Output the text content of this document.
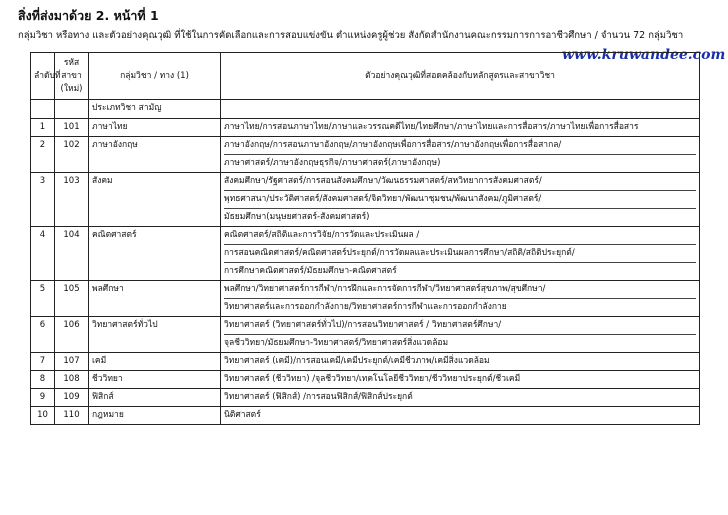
สิ่งที่ส่งมาด้วย 2. หน้าที่ 1
กลุ่มวิชา หรือทาง และตัวอย่างคุณวุฒิ ที่ใช้ในการคัดเลือกและการสอบแข่งขัน ตำแหน่งครูผู้ช่วย สังกัดสำนักงานคณะกรรมการการอาชีวศึกษา / จำนวน 72 กลุ่มวิชา
www.kruwandee.com
ลำดับที่	รหัสสาขา (ใหม่)	กลุ่มวิชา / ทาง (1)	ตัวอย่างคุณวุฒิที่สอดคล้องกับหลักสูตรและสาขาวิชา
		ประเภทวิชา สามัญ	
1	101	ภาษาไทย	ภาษาไทย/การสอนภาษาไทย/ภาษาและวรรณคดีไทย/ไทยศึกษา/ภาษาไทยและการสื่อสาร/ภาษาไทยเพื่อการสื่อสาร

2	102	ภาษาอังกฤษ	ภาษาอังกฤษ/การสอนภาษาอังกฤษ/ภาษาอังกฤษเพื่อการสื่อสาร/ภาษาอังกฤษเพื่อการสื่อสากล/
ภาษาศาสตร์/ภาษาอังกฤษธุรกิจ/ภาษาศาสตร์(ภาษาอังกฤษ)

3	103	สังคม	สังคมศึกษา/รัฐศาสตร์/การสอนสังคมศึกษา/วัฒนธรรมศาสตร์/สหวิทยาการสังคมศาสตร์/
พุทธศาสนา/ประวัติศาสตร์/สังคมศาสตร์/จิตวิทยา/พัฒนาชุมชน/พัฒนาสังคม/ภูมิศาสตร์/
มัธยมศึกษา(มนุษยศาสตร์-สังคมศาสตร์)

4	104	คณิตศาสตร์	คณิตศาสตร์/สถิติและการวิจัย/การวัดและประเมินผล /
การสอนคณิตศาสตร์/คณิตศาสตร์ประยุกต์/การวัดผลและประเมินผลการศึกษา/สถิติ/สถิติประยุกต์/
การศึกษาคณิตศาสตร์/มัธยมศึกษา-คณิตศาสตร์

5	105	พลศึกษา	พลศึกษา/วิทยาศาสตร์การกีฬา/การฝึกและการจัดการกีฬา/วิทยาศาสตร์สุขภาพ/สุขศึกษา/
วิทยาศาสตร์และการออกกำลังกาย/วิทยาศาสตร์การกีฬาและการออกกำลังกาย

6	106	วิทยาศาสตร์ทั่วไป	วิทยาศาสตร์ (วิทยาศาสตร์ทั่วไป)/การสอนวิทยาศาสตร์ / วิทยาศาสตร์ศึกษา/
จุลชีววิทยา/มัธยมศึกษา-วิทยาศาสตร์/วิทยาศาสตร์สิ่งแวดล้อม

7	107	เคมี	วิทยาศาสตร์ (เคมี)/การสอนเคมี/เคมีประยุกต์/เคมีชีวภาพ/เคมีสิ่งแวดล้อม

8	108	ชีววิทยา	วิทยาศาสตร์ (ชีววิทยา) /จุลชีววิทยา/เทคโนโลยีชีววิทยา/ชีววิทยาประยุกต์/ชีวเคมี

9	109	ฟิสิกส์	วิทยาศาสตร์ (ฟิสิกส์) /การสอนฟิสิกส์/ฟิสิกส์ประยุกต์

10	110	กฎหมาย	นิติศาสตร์
